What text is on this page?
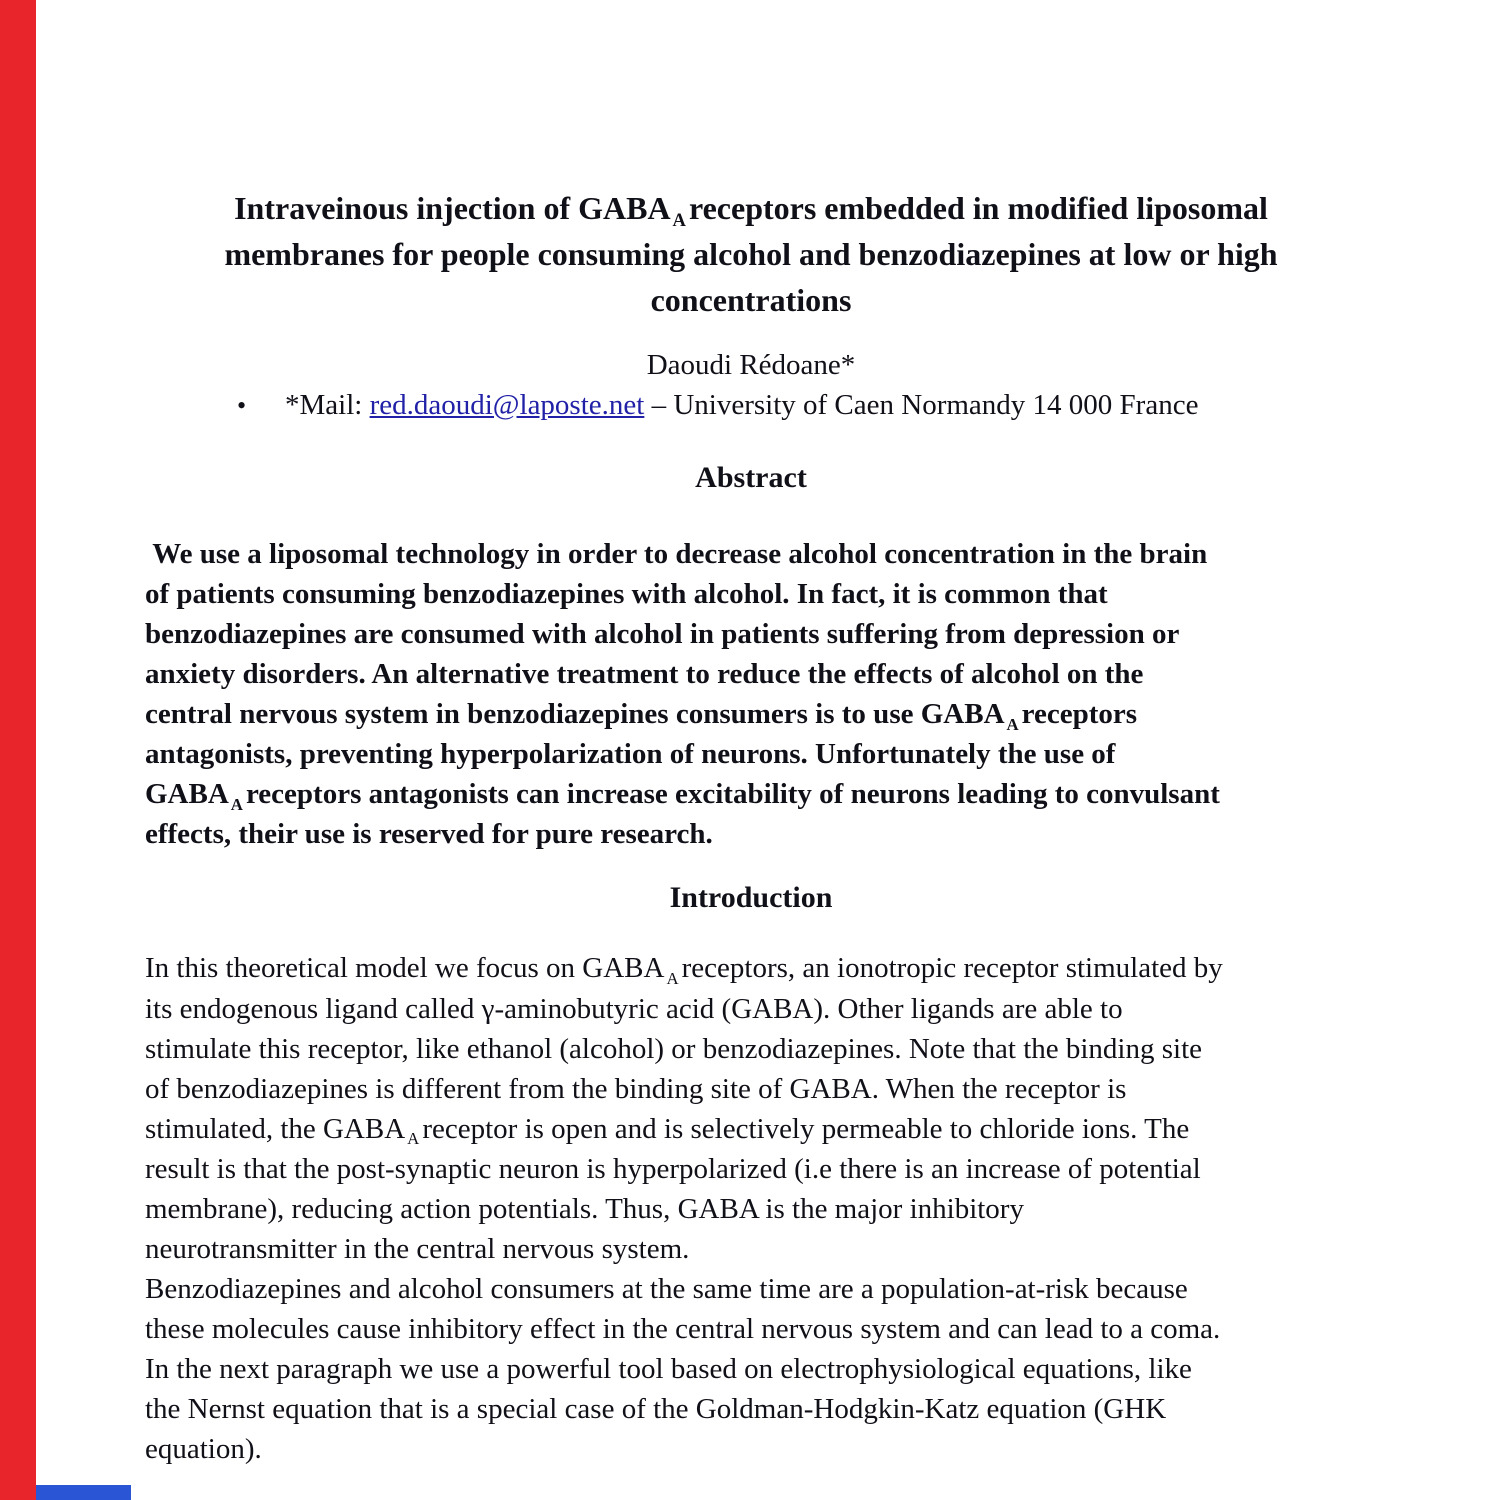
Intraveinous injection of GABA $_A$receptors embedded in modified liposomal
membranes for people consuming alcohol and benzodiazepines at low or high
concentrations
Daoudi Rédoane*
• *Mail: red.daoudi@laposte.net – University of Caen Normandy 14 000 France
Abstract
We use a liposomal technology in order to decrease alcohol concentration in the brain
of patients consuming benzodiazepines with alcohol. In fact, it is common that
benzodiazepines are consumed with alcohol in patients suffering from depression or
anxiety disorders. An alternative treatment to reduce the effects of alcohol on the
central nervous system in benzodiazepines consumers is to use GABA $_A$ receptors
antagonists, preventing hyperpolarization of neurons. Unfortunately the use of
GABA $_A$ receptors antagonists can increase excitability of neurons leading to convulsant
effects, their use is reserved for pure research.
Introduction
In this theoretical model we focus on GABA $_A$ receptors, an ionotropic receptor stimulated by
its endogenous ligand called γ-aminobutyric acid (GABA). Other ligands are able to
stimulate this receptor, like ethanol (alcohol) or benzodiazepines. Note that the binding site
of benzodiazepines is different from the binding site of GABA. When the receptor is
stimulated, the GABA $_A$ receptor is open and is selectively permeable to chloride ions. The
result is that the post-synaptic neuron is hyperpolarized (i.e there is an increase of potential
membrane), reducing action potentials. Thus, GABA is the major inhibitory
neurotransmitter in the central nervous system.
Benzodiazepines and alcohol consumers at the same time are a population-at-risk because
these molecules cause inhibitory effect in the central nervous system and can lead to a coma.
In the next paragraph we use a powerful tool based on electrophysiological equations, like
the Nernst equation that is a special case of the Goldman-Hodgkin-Katz equation (GHK
equation).
